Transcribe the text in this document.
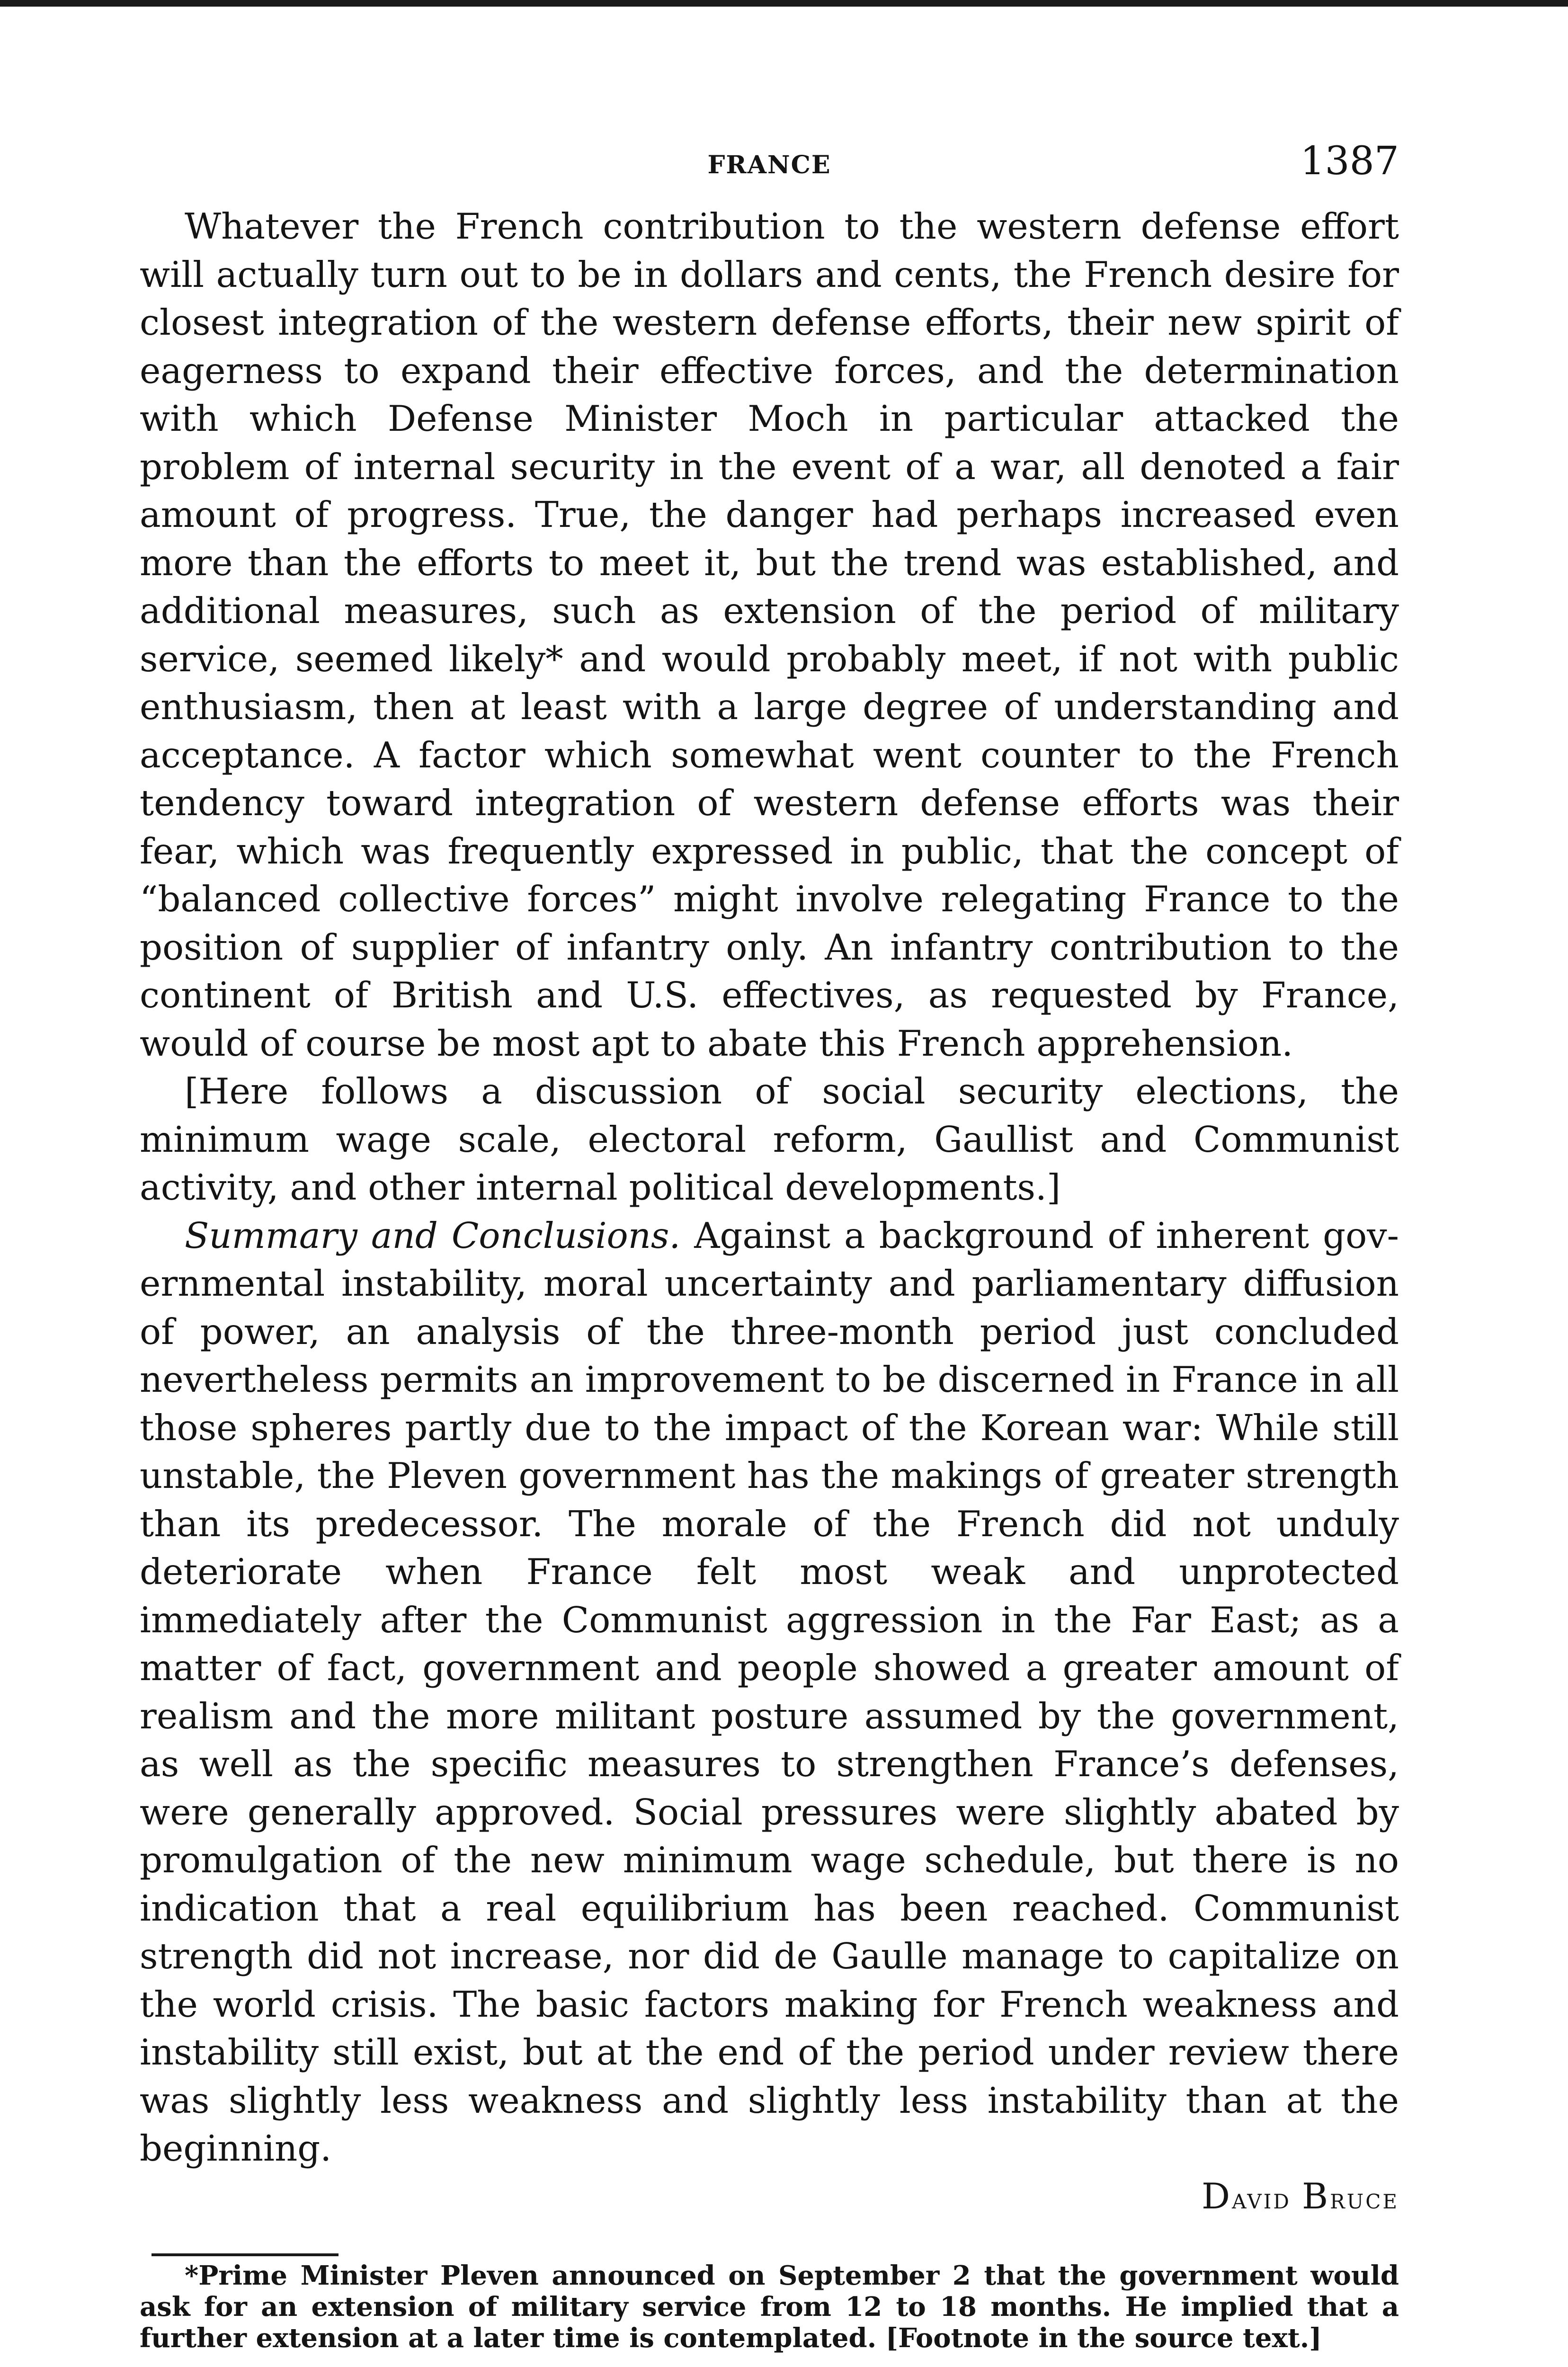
FRANCE	1387

Whatever the French contribution to the western defense effort will actually turn out to be in dollars and cents, the French desire for closest integration of the western defense efforts, their new spirit of eagerness to expand their effective forces, and the determination with which Defense Minister Moch in particular attacked the problem of internal security in the event of a war, all denoted a fair amount of progress. True, the danger had perhaps increased even more than the efforts to meet it, but the trend was established, and additional measures, such as extension of the period of military service, seemed likely* and would probably meet, if not with public enthusiasm, then at least with a large degree of understanding and acceptance. A factor which somewhat went counter to the French tendency toward integration of western defense efforts was their fear, which was frequently expressed in public, that the concept of “balanced collective forces” might involve relegating France to the position of supplier of infantry only. An infantry contribution to the continent of British and U.S. effectives, as requested by France, would of course be most apt to abate this French apprehension.

[Here follows a discussion of social security elections, the minimum wage scale, electoral reform, Gaullist and Communist activity, and other internal political developments.]

Summary and Conclusions. Against a background of inherent governmental instability, moral uncertainty and parliamentary diffusion of power, an analysis of the three-month period just concluded nevertheless permits an improvement to be discerned in France in all those spheres partly due to the impact of the Korean war: While still unstable, the Pleven government has the makings of greater strength than its predecessor. The morale of the French did not unduly deteriorate when France felt most weak and unprotected immediately after the Communist aggression in the Far East; as a matter of fact, government and people showed a greater amount of realism and the more militant posture assumed by the government, as well as the specific measures to strengthen France’s defenses, were generally approved. Social pressures were slightly abated by promulgation of the new minimum wage schedule, but there is no indication that a real equilibrium has been reached. Communist strength did not increase, nor did de Gaulle manage to capitalize on the world crisis. The basic factors making for French weakness and instability still exist, but at the end of the period under review there was slightly less weakness and slightly less instability than at the beginning.

David Bruce

*Prime Minister Pleven announced on September 2 that the government would ask for an extension of military service from 12 to 18 months. He implied that a further extension at a later time is contemplated. [Footnote in the source text.]
